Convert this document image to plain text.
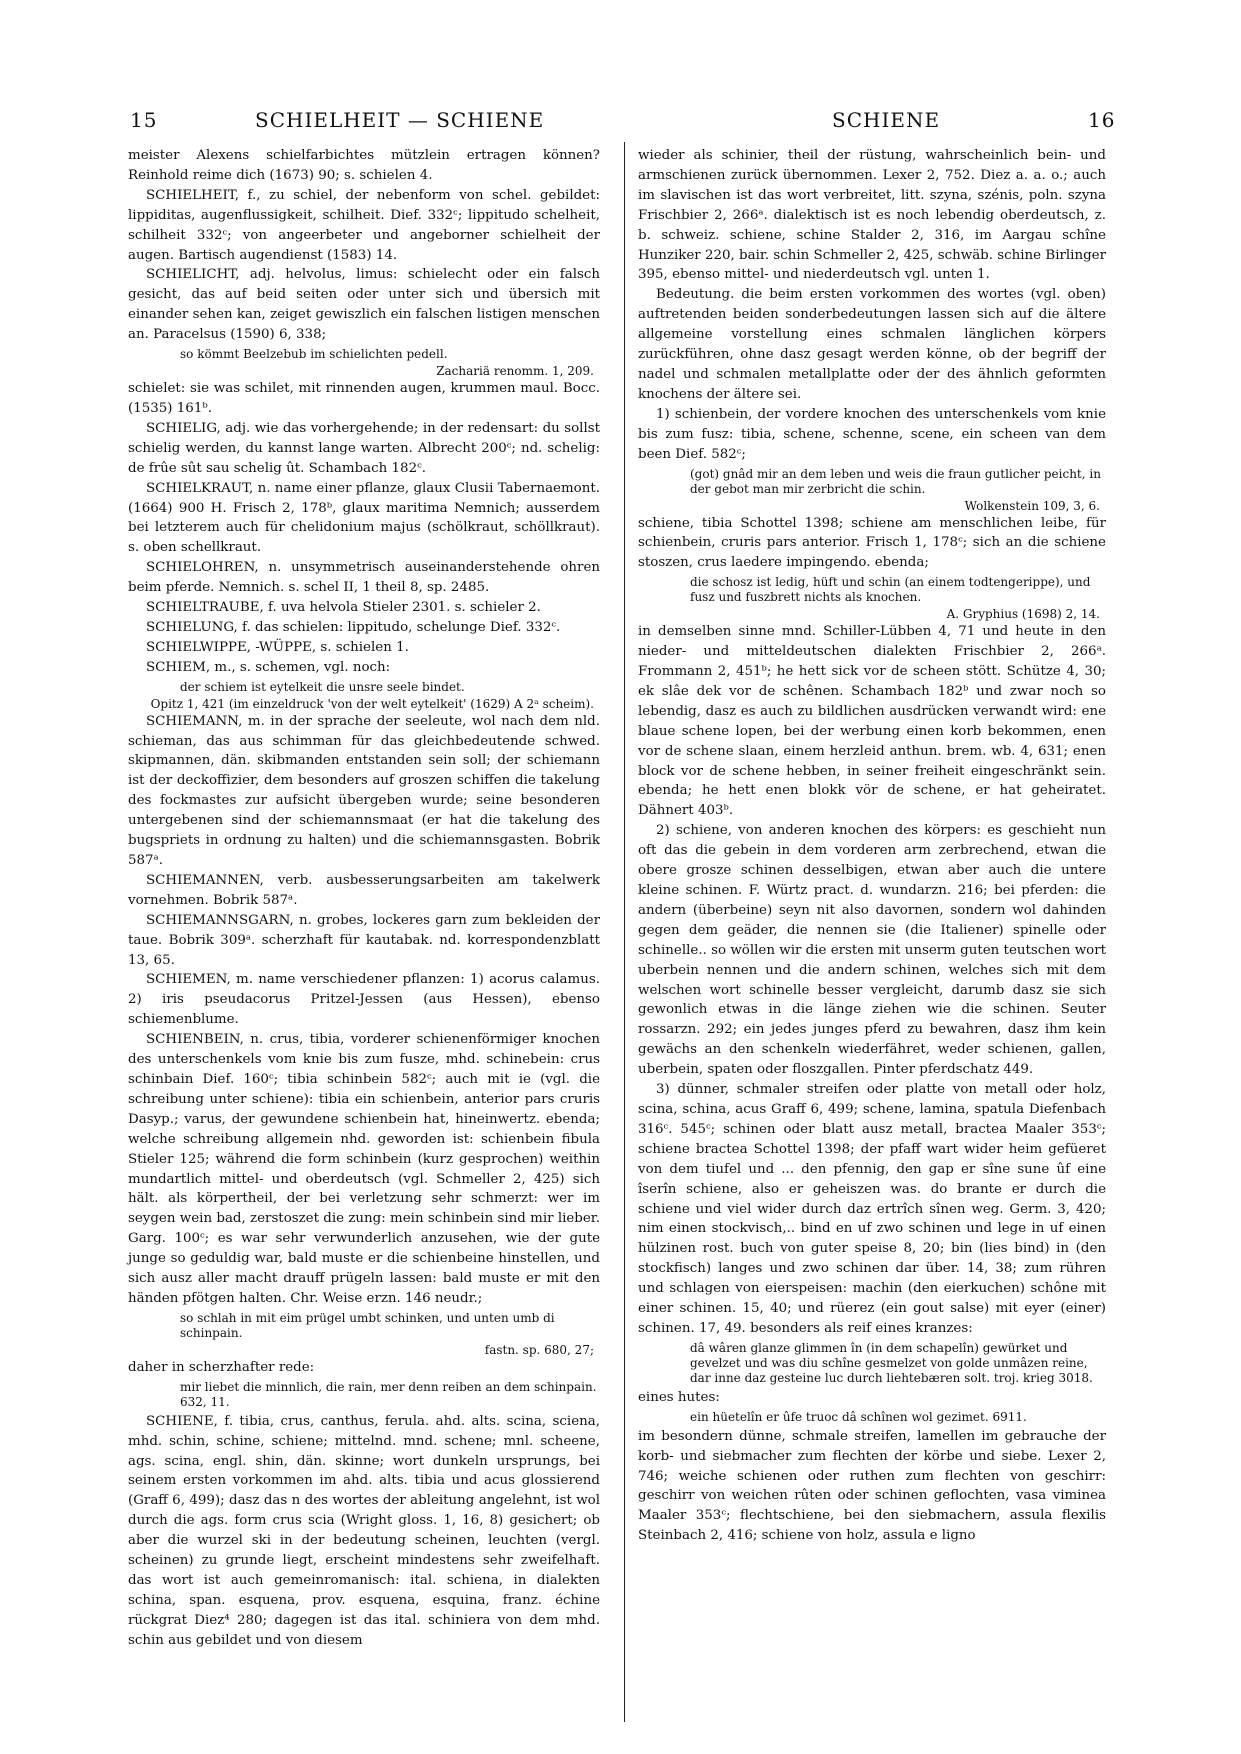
15	SCHIELHEIT — SCHIENE	SCHIENE	16

meister Alexens schielfarbichtes mützlein ertragen können? Reinhold reime dich (1673) 90; s. schielen 4.

SCHIELHEIT, f., zu schiel, der nebenform von schel. gebildet: lippiditas, augenflussigkeit, schilheit. Dief. 332ᶜ; lippitudo schelheit, schilheit 332ᶜ; von angeerbeter und angeborner schielheit der augen. Bartisch augendienst (1583) 14.

SCHIELICHT, adj. helvolus, limus: schielecht oder ein falsch gesicht, das auf beid seiten oder unter sich und übersich mit einander sehen kan, zeiget gewiszlich ein falschen listigen menschen an. Paracelsus (1590) 6, 338;

so kömmt Beelzebub im schielichten pedell.

Zachariä renomm. 1, 209.

schielet: sie was schilet, mit rinnenden augen, krummen maul. Bocc. (1535) 161ᵇ.

SCHIELIG, adj. wie das vorhergehende; in der redensart: du sollst schielig werden, du kannst lange warten. Albrecht 200ᶜ; nd. schelig: de frûe sût sau schelig ût. Schambach 182ᶜ.

SCHIELKRAUT, n. name einer pflanze, glaux Clusii Tabernaemont. (1664) 900 H. Frisch 2, 178ᵇ, glaux maritima Nemnich; ausserdem bei letzterem auch für chelidonium majus (schölkraut, schöllkraut). s. oben schellkraut.

SCHIELOHREN, n. unsymmetrisch auseinanderstehende ohren beim pferde. Nemnich. s. schel II, 1 theil 8, sp. 2485.

SCHIELTRAUBE, f. uva helvola Stieler 2301. s. schieler 2.

SCHIELUNG, f. das schielen: lippitudo, schelunge Dief. 332ᶜ.

SCHIELWIPPE, -WÜPPE, s. schielen 1.

SCHIEM, m., s. schemen, vgl. noch:

der schiem ist eytelkeit die unsre seele bindet.

Opitz 1, 421 (im einzeldruck 'von der welt eytelkeit' (1629) A 2ᵃ scheim).

SCHIEMANN, m. in der sprache der seeleute, wol nach dem nld. schieman, das aus schimman für das gleichbedeutende schwed. skipmannen, dän. skibmanden entstanden sein soll; der schiemann ist der deckoffizier, dem besonders auf groszen schiffen die takelung des fockmastes zur aufsicht übergeben wurde; seine besonderen untergebenen sind der schiemannsmaat (er hat die takelung des bugspriets in ordnung zu halten) und die schiemannsgasten. Bobrik 587ᵃ.

SCHIEMANNEN, verb. ausbesserungsarbeiten am takelwerk vornehmen. Bobrik 587ᵃ.

SCHIEMANNSGARN, n. grobes, lockeres garn zum bekleiden der taue. Bobrik 309ᵃ. scherzhaft für kautabak. nd. korrespondenzblatt 13, 65.

SCHIEMEN, m. name verschiedener pflanzen: 1) acorus calamus. 2) iris pseudacorus Pritzel-Jessen (aus Hessen), ebenso schiemenblume.

SCHIENBEIN, n. crus, tibia, vorderer schienenförmiger knochen des unterschenkels vom knie bis zum fusze, mhd. schinebein: crus schinbain Dief. 160ᶜ; tibia schinbein 582ᶜ; auch mit ie (vgl. die schreibung unter schiene): tibia ein schienbein, anterior pars cruris Dasyp.; varus, der gewundene schienbein hat, hineinwertz. ebenda; welche schreibung allgemein nhd. geworden ist: schienbein fibula Stieler 125; während die form schinbein (kurz gesprochen) weithin mundartlich mittel- und oberdeutsch (vgl. Schmeller 2, 425) sich hält. als körpertheil, der bei verletzung sehr schmerzt: wer im seygen wein bad, zerstoszet die zung: mein schinbein sind mir lieber. Garg. 100ᶜ; es war sehr verwunderlich anzusehen, wie der gute junge so geduldig war, bald muste er die schienbeine hinstellen, und sich ausz aller macht drauff prügeln lassen: bald muste er mit den händen pfötgen halten. Chr. Weise erzn. 146 neudr.;

so schlah in mit eim prügel umbt schinken, und unten umb di schinpain.

fastn. sp. 680, 27;

daher in scherzhafter rede:

mir liebet die minnlich, die rain, mer denn reiben an dem schinpain. 632, 11.

SCHIENE, f. tibia, crus, canthus, ferula. ahd. alts. scina, sciena, mhd. schin, schine, schiene; mittelnd. mnd. schene; mnl. scheene, ags. scina, engl. shin, dän. skinne; wort dunkeln ursprungs, bei seinem ersten vorkommen im ahd. alts. tibia und acus glossierend (Graff 6, 499); dasz das n des wortes der ableitung angelehnt, ist wol durch die ags. form crus scia (Wright gloss. 1, 16, 8) gesichert; ob aber die wurzel ski in der bedeutung scheinen, leuchten (vergl. scheinen) zu grunde liegt, erscheint mindestens sehr zweifelhaft. das wort ist auch gemeinromanisch: ital. schiena, in dialekten schina, span. esquena, prov. esquena, esquina, franz. échine rückgrat Diez⁴ 280; dagegen ist das ital. schiniera von dem mhd. schin aus gebildet und von diesem

wieder als schinier, theil der rüstung, wahrscheinlich bein- und armschienen zurück übernommen. Lexer 2, 752. Diez a. a. o.; auch im slavischen ist das wort verbreitet, litt. szyna, szénis, poln. szyna Frischbier 2, 266ᵃ. dialektisch ist es noch lebendig oberdeutsch, z. b. schweiz. schiene, schine Stalder 2, 316, im Aargau schîne Hunziker 220, bair. schin Schmeller 2, 425, schwäb. schine Birlinger 395, ebenso mittel- und niederdeutsch vgl. unten 1.

Bedeutung. die beim ersten vorkommen des wortes (vgl. oben) auftretenden beiden sonderbedeutungen lassen sich auf die ältere allgemeine vorstellung eines schmalen länglichen körpers zurückführen, ohne dasz gesagt werden könne, ob der begriff der nadel und schmalen metallplatte oder der des ähnlich geformten knochens der ältere sei.

1) schienbein, der vordere knochen des unterschenkels vom knie bis zum fusz: tibia, schene, schenne, scene, ein scheen van dem been Dief. 582ᶜ;

(got) gnâd mir an dem leben und weis die fraun gutlicher peicht, in der gebot man mir zerbricht die schin.

Wolkenstein 109, 3, 6.

schiene, tibia Schottel 1398; schiene am menschlichen leibe, für schienbein, cruris pars anterior. Frisch 1, 178ᶜ; sich an die schiene stoszen, crus laedere impingendo. ebenda;

die schosz ist ledig, hüft und schin (an einem todtengerippe), und fusz und fuszbrett nichts als knochen.

A. Gryphius (1698) 2, 14.

in demselben sinne mnd. Schiller-Lübben 4, 71 und heute in den nieder- und mitteldeutschen dialekten Frischbier 2, 266ᵃ. Frommann 2, 451ᵇ; he hett sick vor de scheen stött. Schütze 4, 30; ek slâe dek vor de schênen. Schambach 182ᵇ und zwar noch so lebendig, dasz es auch zu bildlichen ausdrücken verwandt wird: ene blaue schene lopen, bei der werbung einen korb bekommen, enen vor de schene slaan, einem herzleid anthun. brem. wb. 4, 631; enen block vor de schene hebben, in seiner freiheit eingeschränkt sein. ebenda; he hett enen blokk vör de schene, er hat geheiratet. Dähnert 403ᵇ.

2) schiene, von anderen knochen des körpers: es geschieht nun oft das die gebein in dem vorderen arm zerbrechend, etwan die obere grosze schinen desselbigen, etwan aber auch die untere kleine schinen. F. Würtz pract. d. wundarzn. 216; bei pferden: die andern (überbeine) seyn nit also davornen, sondern wol dahinden gegen dem geäder, die nennen sie (die Italiener) spinelle oder schinelle.. so wöllen wir die ersten mit unserm guten teutschen wort uberbein nennen und die andern schinen, welches sich mit dem welschen wort schinelle besser vergleicht, darumb dasz sie sich gewonlich etwas in die länge ziehen wie die schinen. Seuter rossarzn. 292; ein jedes junges pferd zu bewahren, dasz ihm kein gewächs an den schenkeln wiederfähret, weder schienen, gallen, uberbein, spaten oder floszgallen. Pinter pferdschatz 449.

3) dünner, schmaler streifen oder platte von metall oder holz, scina, schina, acus Graff 6, 499; schene, lamina, spatula Diefenbach 316ᶜ. 545ᶜ; schinen oder blatt ausz metall, bractea Maaler 353ᶜ; schiene bractea Schottel 1398; der pfaff wart wider heim gefüeret von dem tiufel und ... den pfennig, den gap er sîne sune ûf eine îserîn schiene, also er geheiszen was. do brante er durch die schiene und viel wider durch daz ertrîch sînen weg. Germ. 3, 420; nim einen stockvisch,.. bind en uf zwo schinen und lege in uf einen hülzinen rost. buch von guter speise 8, 20; bin (lies bind) in (den stockfisch) langes und zwo schinen dar über. 14, 38; zum rühren und schlagen von eierspeisen: machin (den eierkuchen) schône mit einer schinen. 15, 40; und rüerez (ein gout salse) mit eyer (einer) schinen. 17, 49. besonders als reif eines kranzes:

dâ wâren glanze glimmen în (in dem schapelîn) gewürket und gevelzet und was diu schîne gesmelzet von golde unmâzen reine, dar inne daz gesteine luc durch liehtebæren solt. troj. krieg 3018.

eines hutes:

ein hüetelîn er ûfe truoc dâ schînen wol gezimet. 6911.

im besondern dünne, schmale streifen, lamellen im gebrauche der korb- und siebmacher zum flechten der körbe und siebe. Lexer 2, 746; weiche schienen oder ruthen zum flechten von geschirr: geschirr von weichen rûten oder schinen geflochten, vasa viminea Maaler 353ᶜ; flechtschiene, bei den siebmachern, assula flexilis Steinbach 2, 416; schiene von holz, assula e ligno
